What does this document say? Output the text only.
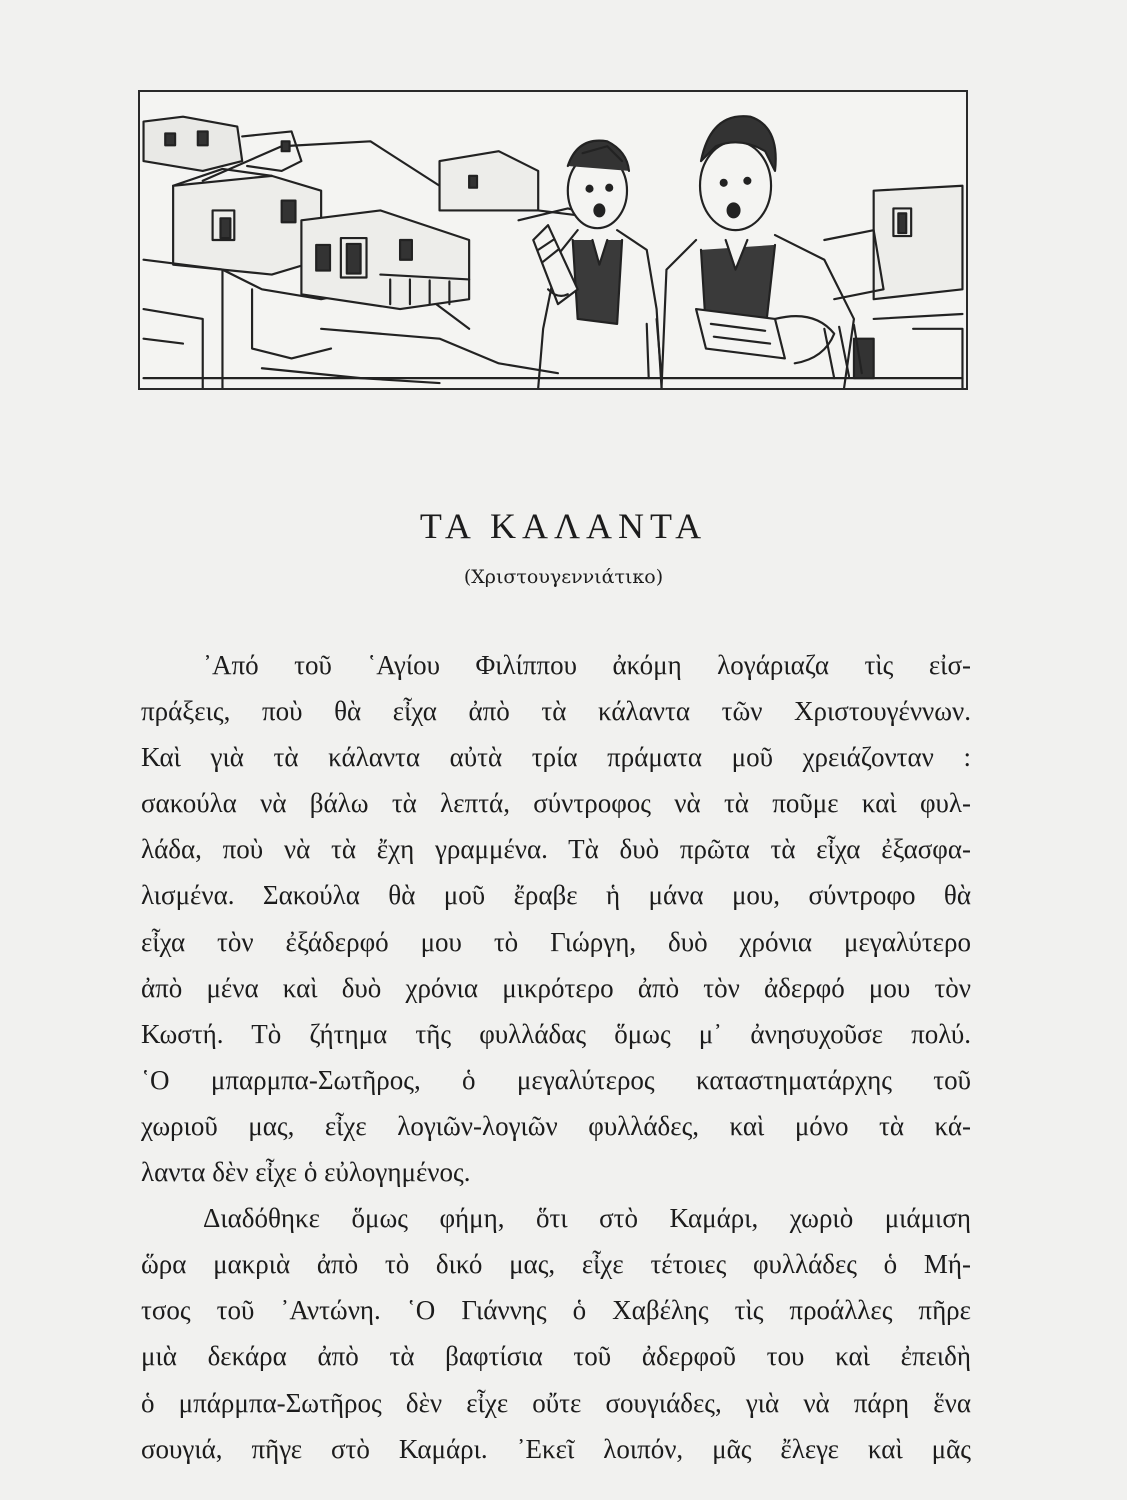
ΤΑ ΚΑΛΑΝΤΑ
(Χριστουγεννιάτικο)
᾿Από τοῦ ῾Αγίου Φιλίππου ἀκόμη λογάριαζα τὶς εἰσ-
πράξεις, ποὺ θὰ εἶχα ἀπὸ τὰ κάλαντα τῶν Χριστουγέννων.
Καὶ γιὰ τὰ κάλαντα αὐτὰ τρία πράματα μοῦ χρειάζονταν :
σακούλα νὰ βάλω τὰ λεπτά, σύντροφος νὰ τὰ ποῦμε καὶ φυλ-
λάδα, ποὺ νὰ τὰ ἔχη γραμμένα. Τὰ δυὸ πρῶτα τὰ εἶχα ἐξασφα-
λισμένα. Σακούλα θὰ μοῦ ἔραβε ἡ μάνα μου, σύντροφο θὰ
εἶχα τὸν ἐξάδερφό μου τὸ Γιώργη, δυὸ χρόνια μεγαλύτερο
ἀπὸ μένα καὶ δυὸ χρόνια μικρότερο ἀπὸ τὸν ἀδερφό μου τὸν
Κωστή. Τὸ ζήτημα τῆς φυλλάδας ὅμως μ᾿ ἀνησυχοῦσε πολύ.
῾Ο μπαρμπα-Σωτῆρος, ὁ μεγαλύτερος καταστηματάρχης τοῦ
χωριοῦ μας, εἶχε λογιῶν-λογιῶν φυλλάδες, καὶ μόνο τὰ κά-
λαντα δὲν εἶχε ὁ εὐλογημένος.
Διαδόθηκε ὅμως φήμη, ὅτι στὸ Καμάρι, χωριὸ μιάμιση
ὥρα μακριὰ ἀπὸ τὸ δικό μας, εἶχε τέτοιες φυλλάδες ὁ Μή-
τσος τοῦ ᾿Αντώνη. ῾Ο Γιάννης ὁ Χαβέλης τὶς προάλλες πῆρε
μιὰ δεκάρα ἀπὸ τὰ βαφτίσια τοῦ ἀδερφοῦ του καὶ ἐπειδὴ
ὁ μπάρμπα-Σωτῆρος δὲν εἶχε οὔτε σουγιάδες, γιὰ νὰ πάρη ἕνα
σουγιά, πῆγε στὸ Καμάρι. ᾿Εκεῖ λοιπόν, μᾶς ἔλεγε καὶ μᾶς
